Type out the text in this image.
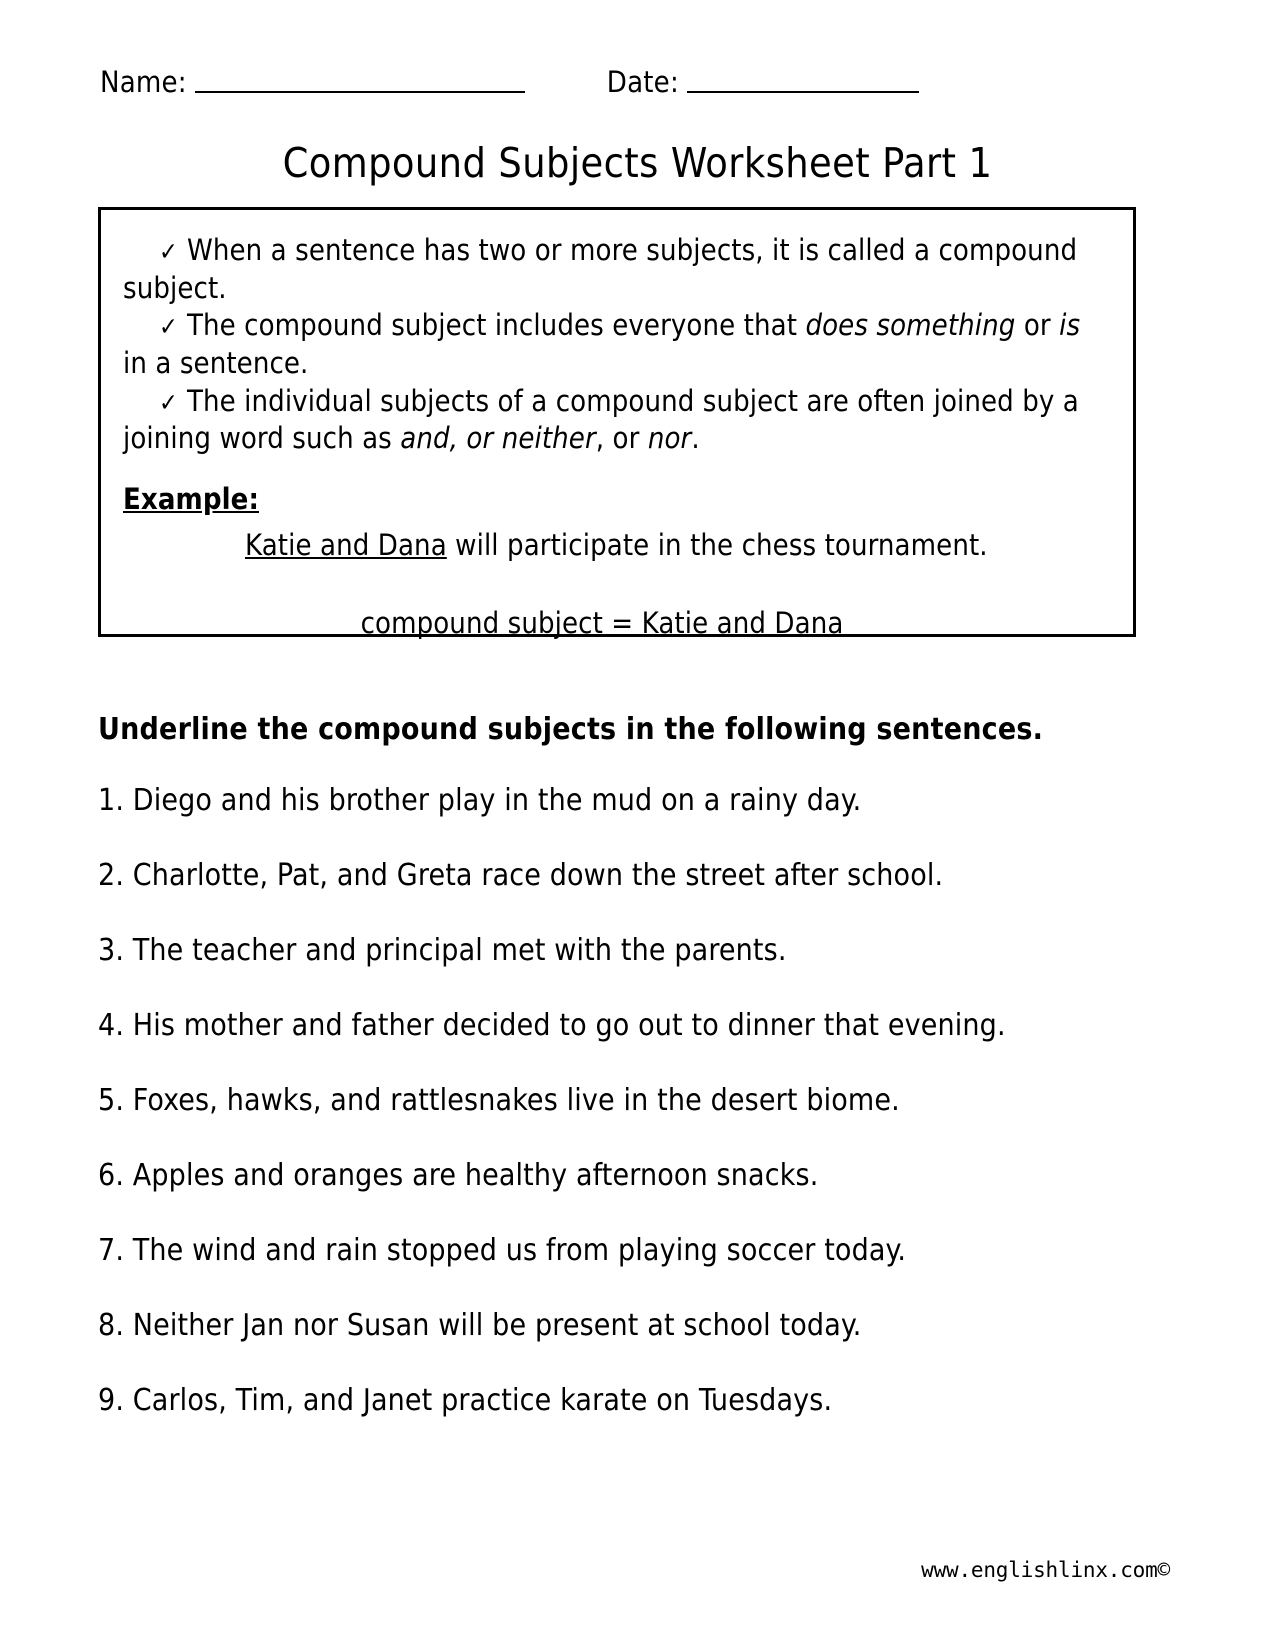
Name:	Date:
Compound Subjects Worksheet Part 1
✓ When a sentence has two or more subjects, it is called a compound subject.
✓ The compound subject includes everyone that does something or is in a sentence.
✓ The individual subjects of a compound subject are often joined by a joining word such as and, or neither, or nor.
Example:
Katie and Dana will participate in the chess tournament.
compound subject = Katie and Dana
Underline the compound subjects in the following sentences.
1. Diego and his brother play in the mud on a rainy day.
2. Charlotte, Pat, and Greta race down the street after school.
3. The teacher and principal met with the parents.
4. His mother and father decided to go out to dinner that evening.
5. Foxes, hawks, and rattlesnakes live in the desert biome.
6. Apples and oranges are healthy afternoon snacks.
7. The wind and rain stopped us from playing soccer today.
8. Neither Jan nor Susan will be present at school today.
9. Carlos, Tim, and Janet practice karate on Tuesdays.
www.englishlinx.com©
